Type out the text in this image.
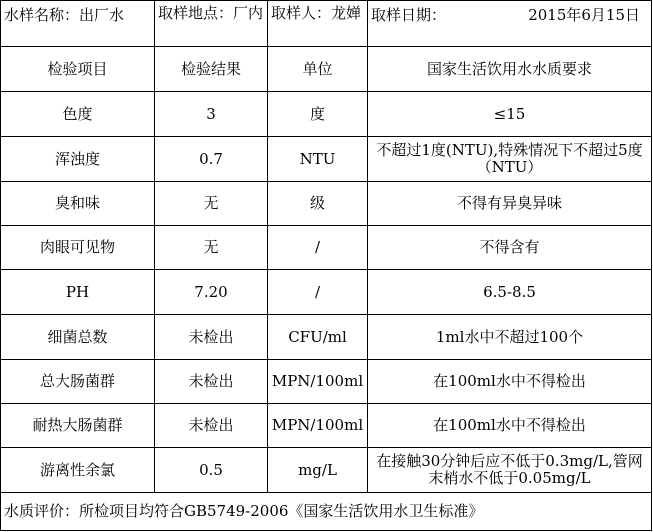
水样名称：出厂水	取样地点：厂内	取样人：龙婵	取样日期： 2015年6月15日

检验项目	检验结果	单位	国家生活饮用水水质要求
色度	3	度	≤15
浑浊度	0.7	NTU	不超过1度(NTU),特殊情况下不超过5度（NTU）
臭和味	无	级	不得有异臭异味
肉眼可见物	无	/	不得含有
PH	7.20	/	6.5-8.5
细菌总数	未检出	CFU/ml	1ml水中不超过100个
总大肠菌群	未检出	MPN/100ml	在100ml水中不得检出
耐热大肠菌群	未检出	MPN/100ml	在100ml水中不得检出
游离性余氯	0.5	mg/L	在接触30分钟后应不低于0.3mg/L,管网末梢水不低于0.05mg/L
水质评价：所检项目均符合GB5749-2006《国家生活饮用水卫生标准》			
